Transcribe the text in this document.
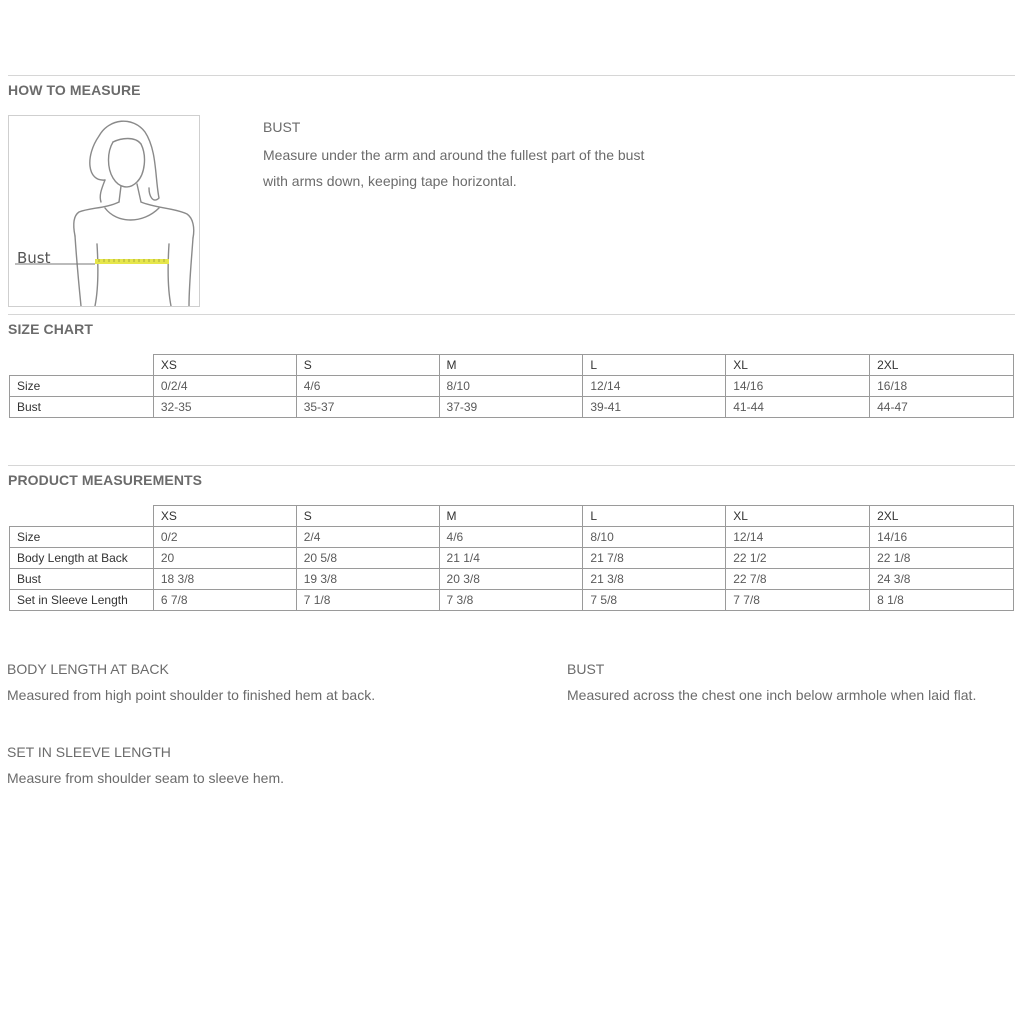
HOW TO MEASURE
Bust
BUST
Measure under the arm and around the fullest part of the bust
with arms down, keeping tape horizontal.
SIZE CHART
	XS	S	M	L	XL	2XL
Size	0/2/4	4/6	8/10	12/14	14/16	16/18
Bust	32-35	35-37	37-39	39-41	41-44	44-47
PRODUCT MEASUREMENTS
	XS	S	M	L	XL	2XL
Size	0/2	2/4	4/6	8/10	12/14	14/16
Body Length at Back	20	20 5/8	21 1/4	21 7/8	22 1/2	22 1/8
Bust	18 3/8	19 3/8	20 3/8	21 3/8	22 7/8	24 3/8
Set in Sleeve Length	6 7/8	7 1/8	7 3/8	7 5/8	7 7/8	8 1/8

BODY LENGTH AT BACK

Measured from high point shoulder to finished hem at back.

BUST

Measured across the chest one inch below armhole when laid flat.

SET IN SLEEVE LENGTH

Measure from shoulder seam to sleeve hem.
